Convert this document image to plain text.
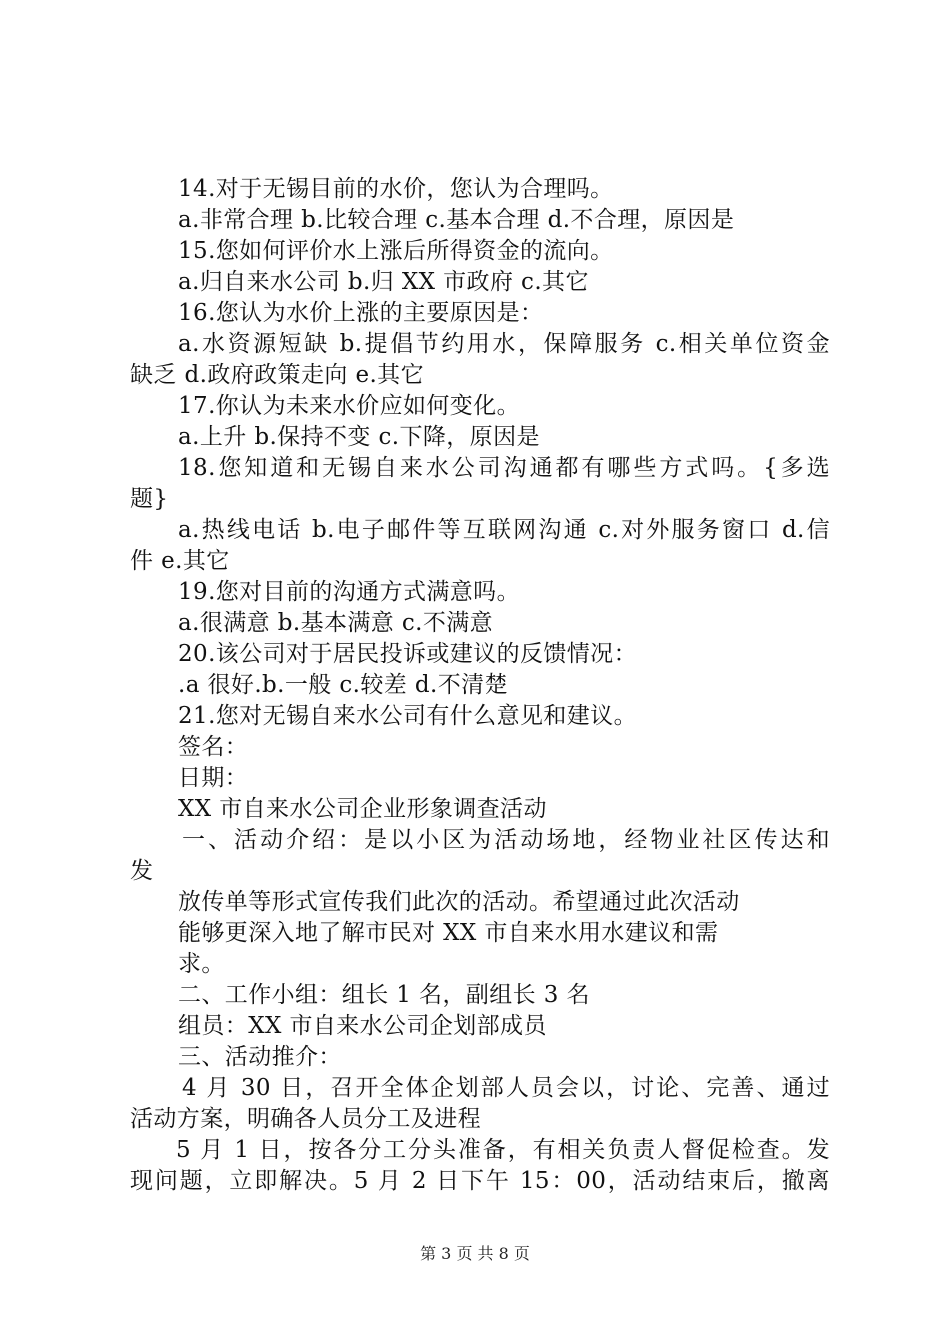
14.对于无锡目前的水价，您认为合理吗。
a.非常合理 b.比较合理 c.基本合理 d.不合理，原因是
15.您如何评价水上涨后所得资金的流向。
a.归自来水公司 b.归 XX 市政府 c.其它
16.您认为水价上涨的主要原因是：
a.水资源短缺 b.提倡节约用水，保障服务 c.相关单位资金
缺乏 d.政府政策走向 e.其它
17.你认为未来水价应如何变化。
a.上升 b.保持不变 c.下降，原因是
18.您知道和无锡自来水公司沟通都有哪些方式吗。{多选
题}
a.热线电话 b.电子邮件等互联网沟通 c.对外服务窗口 d.信
件 e.其它
19.您对目前的沟通方式满意吗。
a.很满意 b.基本满意 c.不满意
20.该公司对于居民投诉或建议的反馈情况：
.a 很好.b.一般 c.较差 d.不清楚
21.您对无锡自来水公司有什么意见和建议。
签名：
日期：
XX 市自来水公司企业形象调查活动
一、活动介绍：是以小区为活动场地，经物业社区传达和
发
放传单等形式宣传我们此次的活动。希望通过此次活动
能够更深入地了解市民对 XX 市自来水用水建议和需
求。
二、工作小组：组长 1 名，副组长 3 名
组员：XX 市自来水公司企划部成员
三、活动推介：
4 月 30 日，召开全体企划部人员会以，讨论、完善、通过
活动方案，明确各人员分工及进程
5 月 1 日，按各分工分头准备，有相关负责人督促检查。发
现问题，立即解决。5 月 2 日下午 15：00，活动结束后，撤离
第 3 页 共 8 页
